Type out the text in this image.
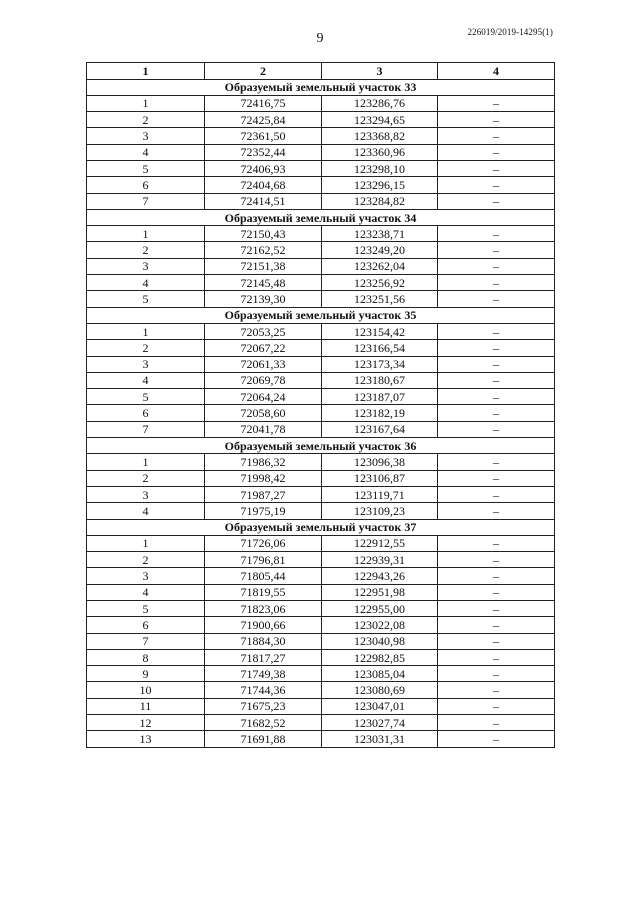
9	226019/2019-14295(1)
1	2	3	4
Образуемый земельный участок 33			
1	72416,75	123286,76	–
2	72425,84	123294,65	–
3	72361,50	123368,82	–
4	72352,44	123360,96	–
5	72406,93	123298,10	–
6	72404,68	123296,15	–
7	72414,51	123284,82	–
Образуемый земельный участок 34			
1	72150,43	123238,71	–
2	72162,52	123249,20	–
3	72151,38	123262,04	–
4	72145,48	123256,92	–
5	72139,30	123251,56	–
Образуемый земельный участок 35			
1	72053,25	123154,42	–
2	72067,22	123166,54	–
3	72061,33	123173,34	–
4	72069,78	123180,67	–
5	72064,24	123187,07	–
6	72058,60	123182,19	–
7	72041,78	123167,64	–
Образуемый земельный участок 36			
1	71986,32	123096,38	–
2	71998,42	123106,87	–
3	71987,27	123119,71	–
4	71975,19	123109,23	–
Образуемый земельный участок 37			
1	71726,06	122912,55	–
2	71796,81	122939,31	–
3	71805,44	122943,26	–
4	71819,55	122951,98	–
5	71823,06	122955,00	–
6	71900,66	123022,08	–
7	71884,30	123040,98	–
8	71817,27	122982,85	–
9	71749,38	123085,04	–
10	71744,36	123080,69	–
11	71675,23	123047,01	–
12	71682,52	123027,74	–
13	71691,88	123031,31	–
